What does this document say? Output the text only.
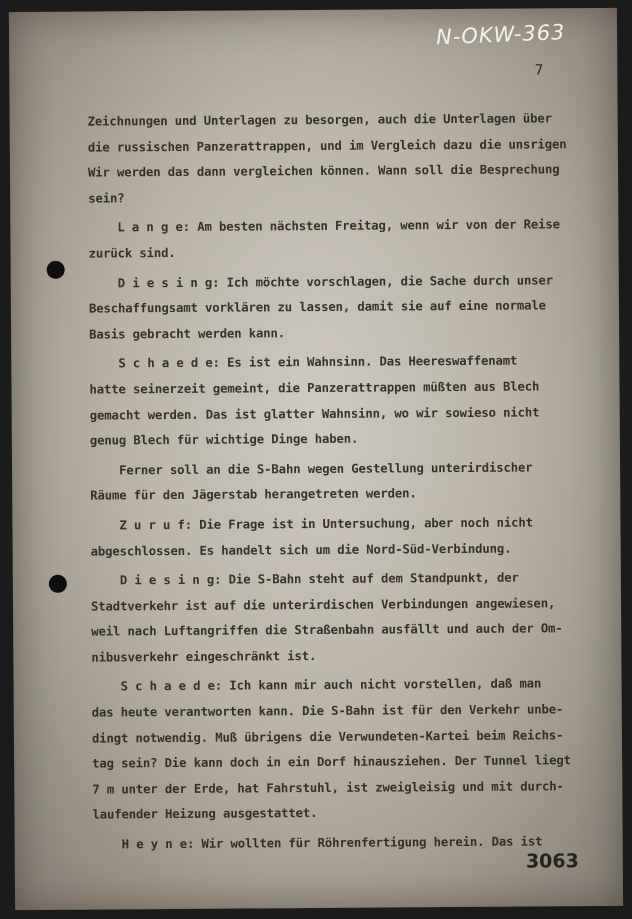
N-OKW-363
7
Zeichnungen und Unterlagen zu besorgen, auch die Unterlagen über
die russischen Panzerattrappen, und im Vergleich dazu die unsrigen
Wir werden das dann vergleichen können. Wann soll die Besprechung
sein?
L a n g e: Am besten nächsten Freitag, wenn wir von der Reise
zurück sind.
D i e s i n g: Ich möchte vorschlagen, die Sache durch unser
Beschaffungsamt vorklären zu lassen, damit sie auf eine normale
Basis gebracht werden kann.
S c h a e d e: Es ist ein Wahnsinn. Das Heereswaffenamt
hatte seinerzeit gemeint, die Panzerattrappen müßten aus Blech
gemacht werden. Das ist glatter Wahnsinn, wo wir sowieso nicht
genug Blech für wichtige Dinge haben.
Ferner soll an die S-Bahn wegen Gestellung unterirdischer
Räume für den Jägerstab herangetreten werden.
Z u r u f: Die Frage ist in Untersuchung, aber noch nicht
abgeschlossen. Es handelt sich um die Nord-Süd-Verbindung.
D i e s i n g: Die S-Bahn steht auf dem Standpunkt, der
Stadtverkehr ist auf die unterirdischen Verbindungen angewiesen,
weil nach Luftangriffen die Straßenbahn ausfällt und auch der Om-
nibusverkehr eingeschränkt ist.
S c h a e d e: Ich kann mir auch nicht vorstellen, daß man
das heute verantworten kann. Die S-Bahn ist für den Verkehr unbe-
dingt notwendig. Muß übrigens die Verwundeten-Kartei beim Reichs-
tag sein? Die kann doch in ein Dorf hinausziehen. Der Tunnel liegt
7 m unter der Erde, hat Fahrstuhl, ist zweigleisig und mit durch-
laufender Heizung ausgestattet.
H e y n e: Wir wollten für Röhrenfertigung herein. Das ist
3063
